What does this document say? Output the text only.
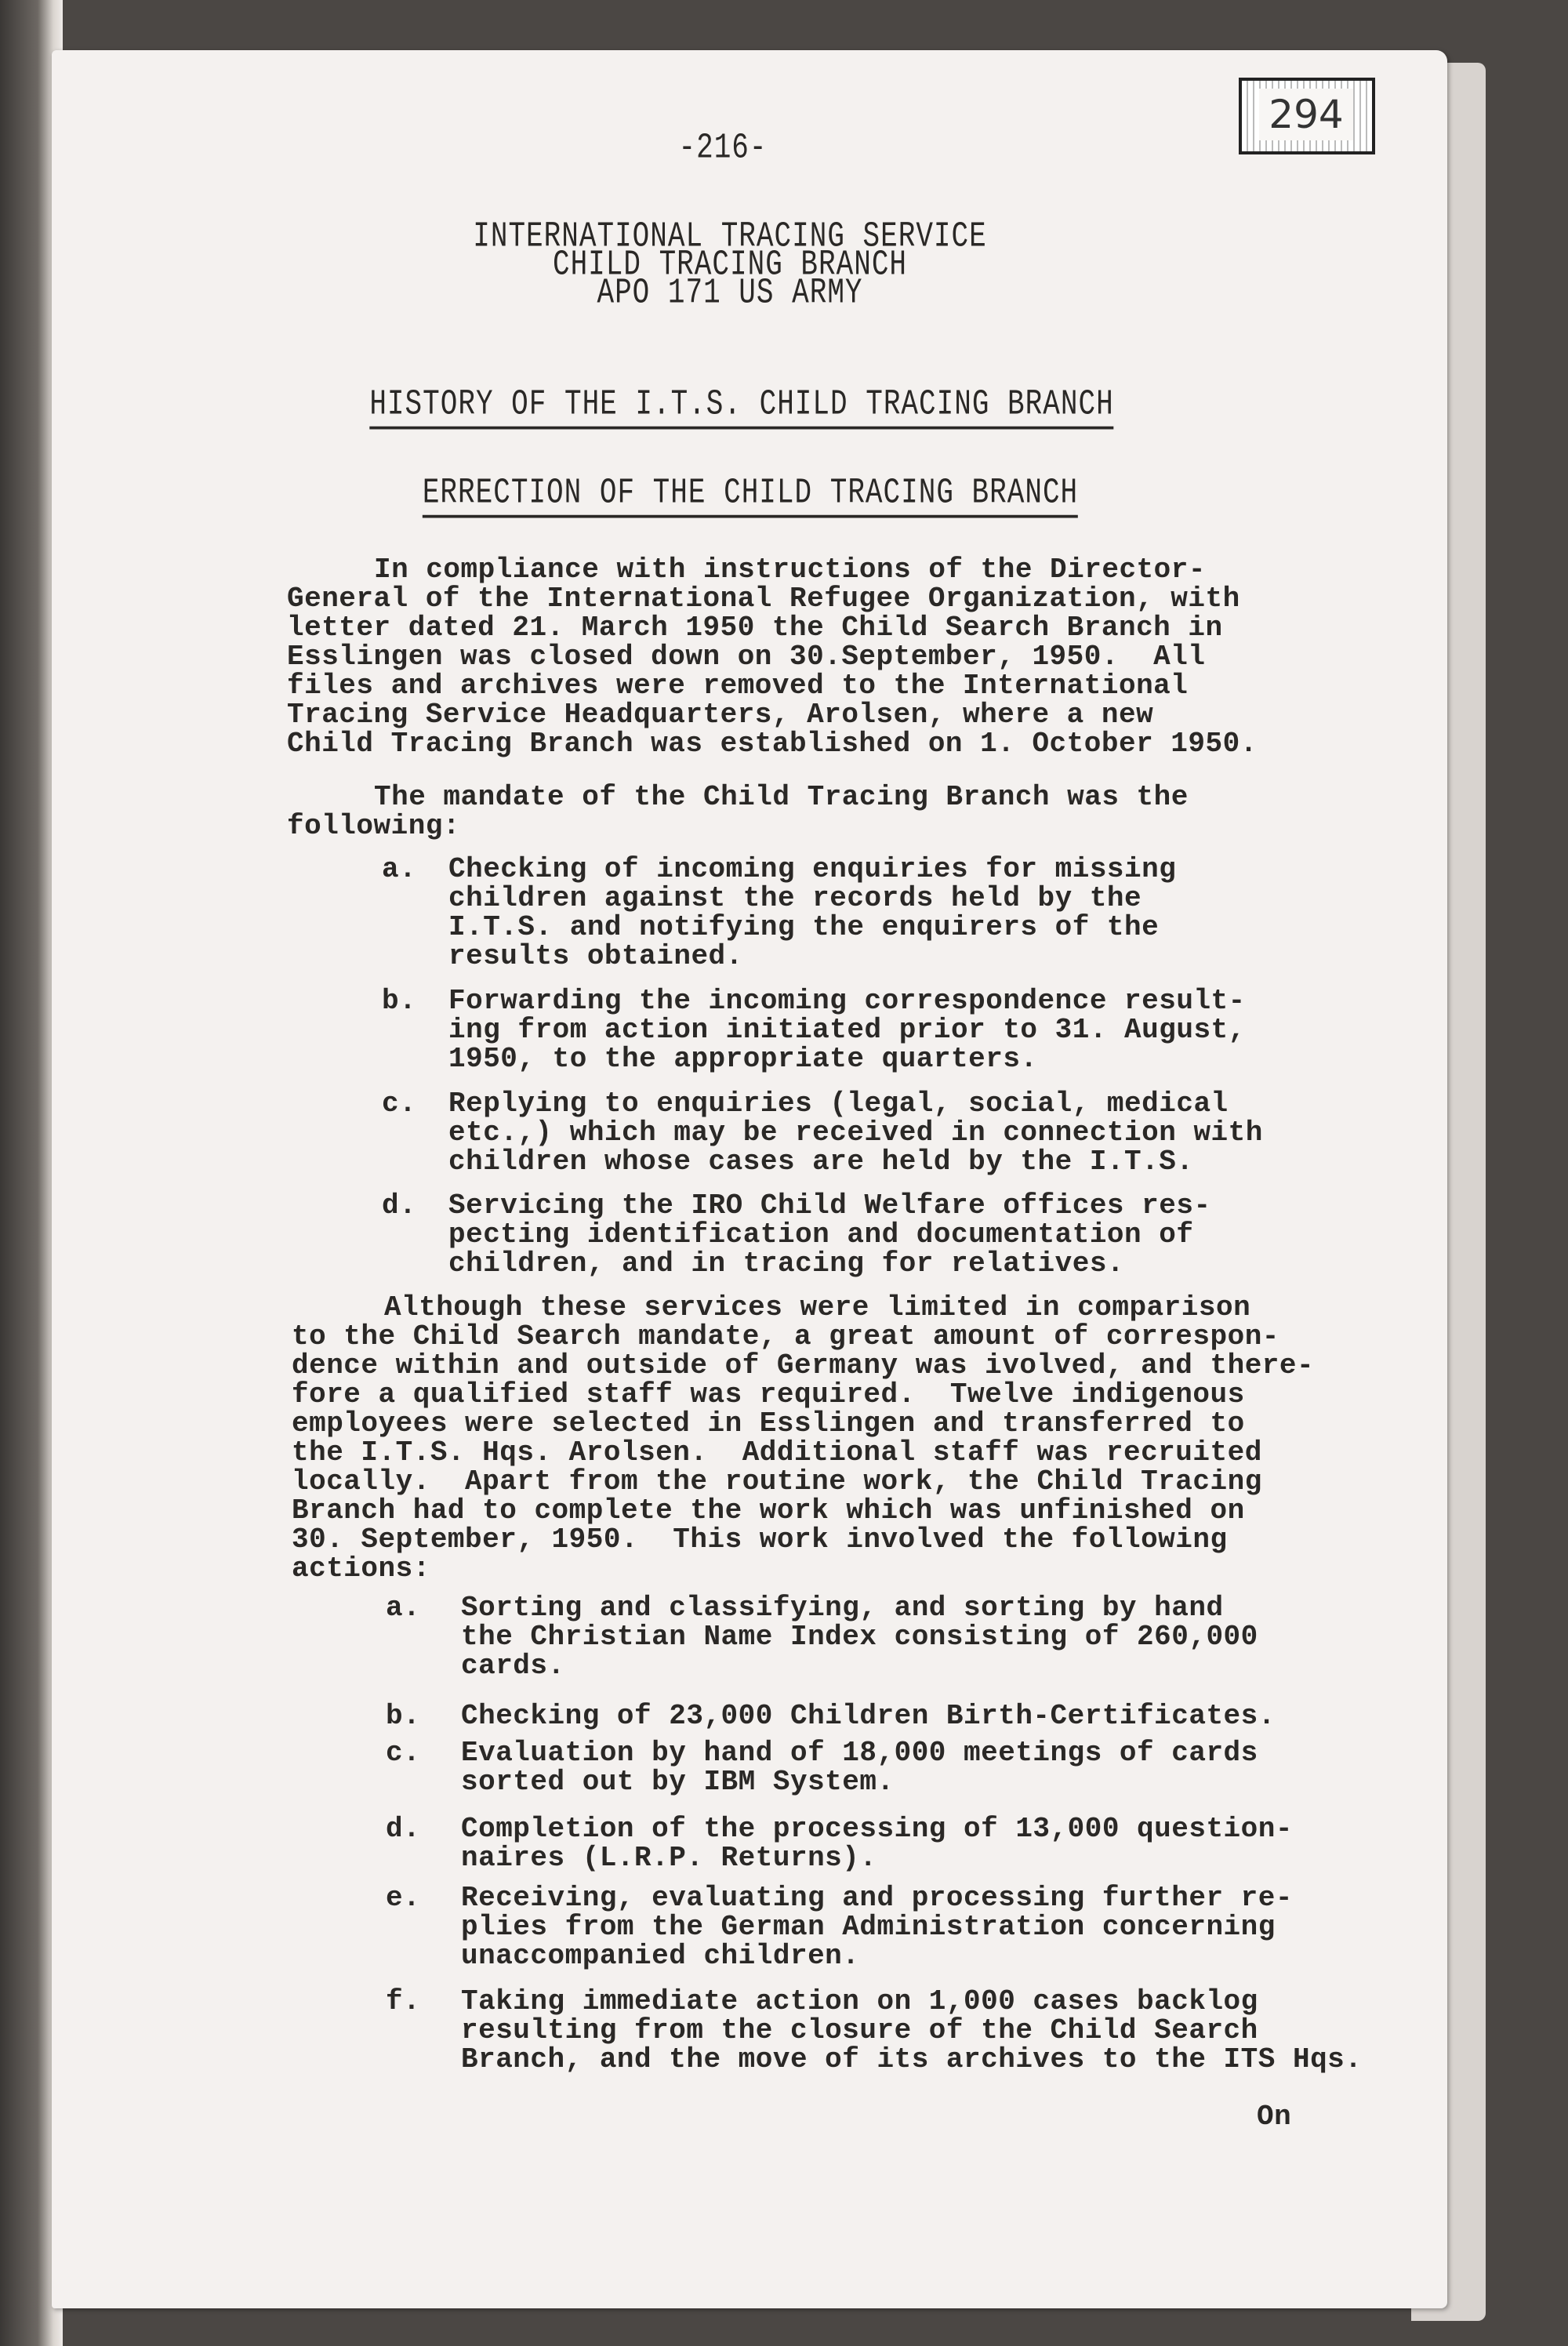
294
-216-
INTERNATIONAL TRACING SERVICE
CHILD TRACING BRANCH
APO 171 US ARMY
HISTORY OF THE I.T.S. CHILD TRACING BRANCH
ERRECTION OF THE CHILD TRACING BRANCH
In compliance with instructions of the Director-
General of the International Refugee Organization, with
letter dated 21. March 1950 the Child Search Branch in
Esslingen was closed down on 30.September, 1950.  All
files and archives were removed to the International
Tracing Service Headquarters, Arolsen, where a new
Child Tracing Branch was established on 1. October 1950.
The mandate of the Child Tracing Branch was the
following:
a. Checking of incoming enquiries for missing
children against the records held by the
I.T.S. and notifying the enquirers of the
results obtained.
b. Forwarding the incoming correspondence result-
ing from action initiated prior to 31. August,
1950, to the appropriate quarters.
c. Replying to enquiries (legal, social, medical
etc.,) which may be received in connection with
children whose cases are held by the I.T.S.
d. Servicing the IRO Child Welfare offices res-
pecting identification and documentation of
children, and in tracing for relatives.
Although these services were limited in comparison
to the Child Search mandate, a great amount of correspon-
dence within and outside of Germany was ivolved, and there-
fore a qualified staff was required.  Twelve indigenous
employees were selected in Esslingen and transferred to
the I.T.S. Hqs. Arolsen.  Additional staff was recruited
locally.  Apart from the routine work, the Child Tracing
Branch had to complete the work which was unfinished on
30. September, 1950.  This work involved the following
actions:
a. Sorting and classifying, and sorting by hand
the Christian Name Index consisting of 260,000
cards.
b. Checking of 23,000 Children Birth-Certificates.
c. Evaluation by hand of 18,000 meetings of cards
sorted out by IBM System.
d. Completion of the processing of 13,000 question-
naires (L.R.P. Returns).
e. Receiving, evaluating and processing further re-
plies from the German Administration concerning
unaccompanied children.
f. Taking immediate action on 1,000 cases backlog
resulting from the closure of the Child Search
Branch, and the move of its archives to the ITS Hqs.
On
